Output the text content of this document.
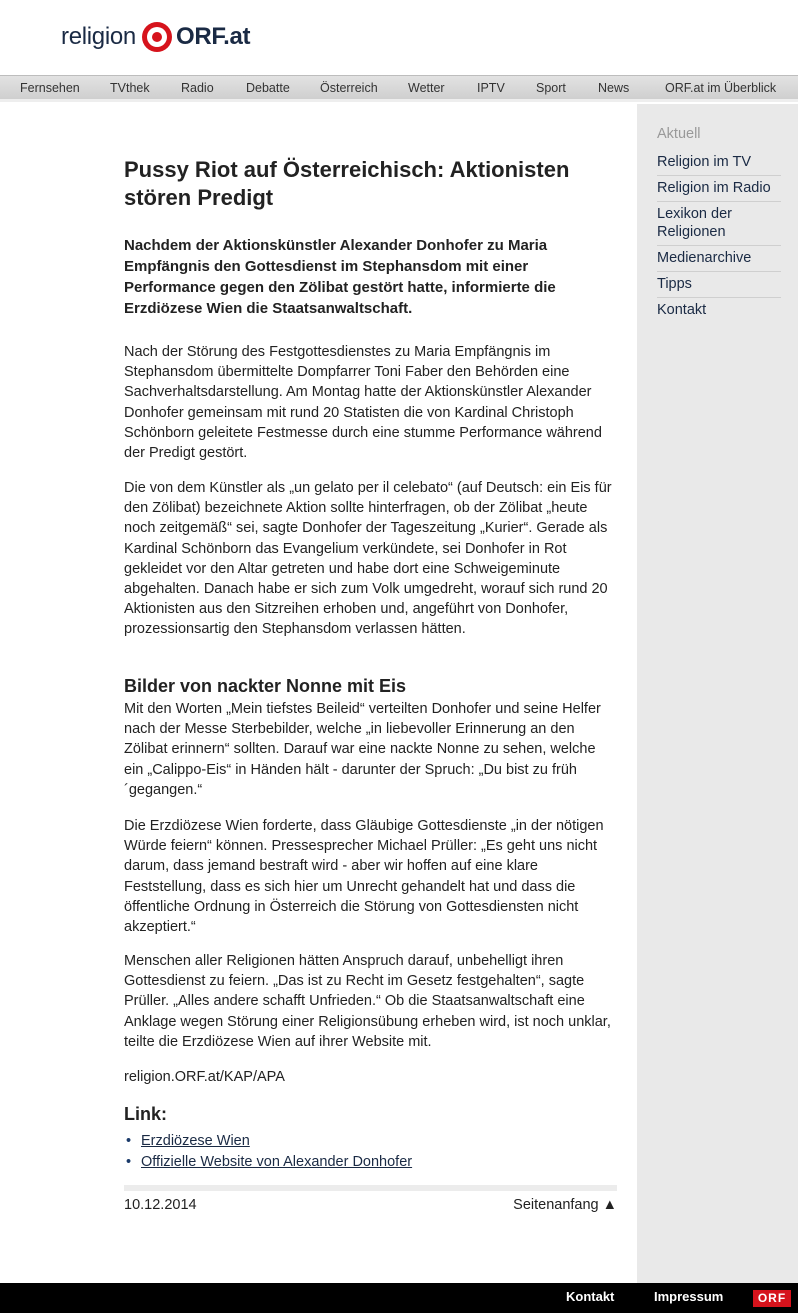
religion ORF.at
Fernsehen TVthek	Radio	Debatte Österreich Wetter	IPTV Sport	News	ORF.at im Überblick
Pussy Riot auf Österreichisch: Aktionisten stören Predigt

Nachdem der Aktionskünstler Alexander Donhofer zu Maria Empfängnis den Gottesdienst im Stephansdom mit einer Performance gegen den Zölibat gestört hatte, informierte die Erzdiözese Wien die Staatsanwaltschaft.

Nach der Störung des Festgottesdienstes zu Maria Empfängnis im Stephansdom übermittelte Dompfarrer Toni Faber den Behörden eine Sachverhaltsdarstellung. Am Montag hatte der Aktionskünstler Alexander Donhofer gemeinsam mit rund 20 Statisten die von Kardinal Christoph Schönborn geleitete Festmesse durch eine stumme Performance während der Predigt gestört.

Die von dem Künstler als „un gelato per il celebato“ (auf Deutsch: ein Eis für den Zölibat) bezeichnete Aktion sollte hinterfragen, ob der Zölibat „heute noch zeitgemäß“ sei, sagte Donhofer der Tageszeitung „Kurier“. Gerade als Kardinal Schönborn das Evangelium verkündete, sei Donhofer in Rot gekleidet vor den Altar getreten und habe dort eine Schweigeminute abgehalten. Danach habe er sich zum Volk umgedreht, worauf sich rund 20 Aktionisten aus den Sitzreihen erhoben und, angeführt von Donhofer, prozessionsartig den Stephansdom verlassen hätten.

Bilder von nackter Nonne mit Eis

Mit den Worten „Mein tiefstes Beileid“ verteilten Donhofer und seine Helfer nach der Messe Sterbebilder, welche „in liebevoller Erinnerung an den Zölibat erinnern“ sollten. Darauf war eine nackte Nonne zu sehen, welche ein „Calippo-Eis“ in Händen hält - darunter der Spruch: „Du bist zu früh´gegangen.“

Die Erzdiözese Wien forderte, dass Gläubige Gottesdienste „in der nötigen Würde feiern“ können. Pressesprecher Michael Prüller: „Es geht uns nicht darum, dass jemand bestraft wird - aber wir hoffen auf eine klare Feststellung, dass es sich hier um Unrecht gehandelt hat und dass die öffentliche Ordnung in Österreich die Störung von Gottesdiensten nicht akzeptiert.“

Menschen aller Religionen hätten Anspruch darauf, unbehelligt ihren Gottesdienst zu feiern. „Das ist zu Recht im Gesetz festgehalten“, sagte Prüller. „Alles andere schafft Unfrieden.“ Ob die Staatsanwaltschaft eine Anklage wegen Störung einer Religionsübung erheben wird, ist noch unklar, teilte die Erzdiözese Wien auf ihrer Website mit.

religion.ORF.at/KAP/APA

Link:
• Erzdiözese Wien
• Offizielle Website von Alexander Donhofer
10.12.2014	Seitenanfang ▲
Aktuell
Religion im TV
Religion im Radio
Lexikon der Religionen
Medienarchive
Tipps
Kontakt
Kontakt	Impressum	ORF
